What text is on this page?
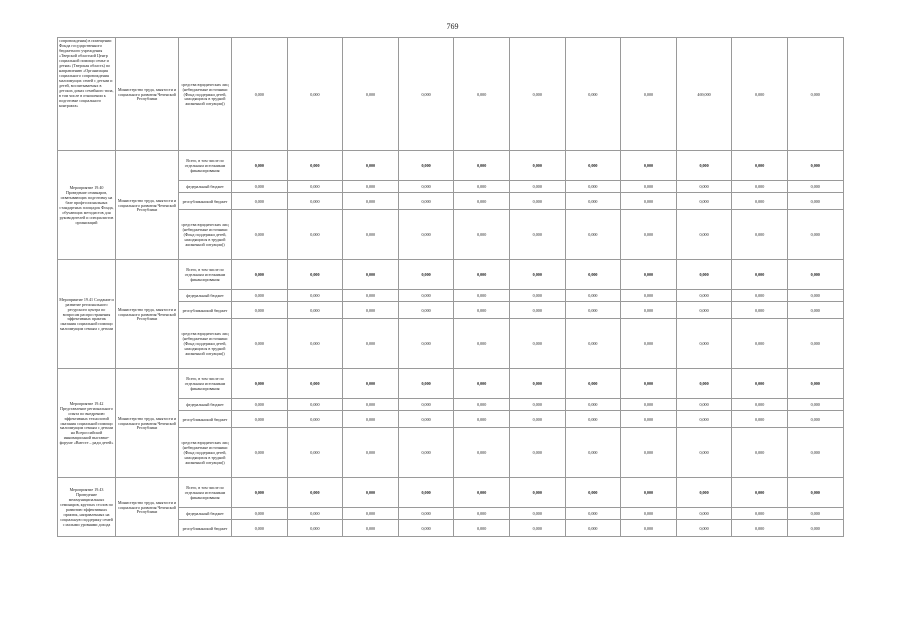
769
сопровождения) в помещении Фонда государственного бюджетного учреждения «Тверской областной Центр социальной помощи семье и детям» (Тверская область) по направлению «Организация социального сопровождения малоимущих семей с детьми и детей, воспитываемых в детских домах семейного типа, в том числе в отношении к подготовке социального контракта»	Министерство труда, занятости и социального развития Чеченской Республики	средства юридических лиц (небюджетные источники (Фонд поддержки детей, находящихся в трудной жизненной ситуации))	0,000	0,000	0,000	0,000	0,000	0,000	0,000	0,000	469,000	0,000	0,000
Мероприятие 19.40 Проведение семинаров, охватывающих подготовку на базе профессиональных стандартных площадок Фонда, обучающих методистов для руководителей и специалистов организаций	Министерство труда, занятости и социального развития Чеченской Республики	Всего, в том числе по отдельным источникам финансирования	0,000	0,000	0,000	0,000	0,000	0,000	0,000	0,000	0,000	0,000	0,000
		федеральный бюджет	0,000	0,000	0,000	0,000	0,000	0,000	0,000	0,000	0,000	0,000	0,000
		республиканский бюджет	0,000	0,000	0,000	0,000	0,000	0,000	0,000	0,000	0,000	0,000	0,000
		средства юридических лиц (небюджетные источники (Фонд поддержки детей, находящихся в трудной жизненной ситуации))	0,000	0,000	0,000	0,000	0,000	0,000	0,000	0,000	0,000	0,000	0,000
Мероприятие 19.41 Создание и развитие регионального ресурсного центра по вопросам распространения эффективных практик оказания социальной помощи малоимущим семьям с детьми	Министерство труда, занятости и социального развития Чеченской Республики	Всего, в том числе по отдельным источникам финансирования	0,000	0,000	0,000	0,000	0,000	0,000	0,000	0,000	0,000	0,000	0,000
		федеральный бюджет	0,000	0,000	0,000	0,000	0,000	0,000	0,000	0,000	0,000	0,000	0,000
		республиканский бюджет	0,000	0,000	0,000	0,000	0,000	0,000	0,000	0,000	0,000	0,000	0,000
		средства юридических лиц (небюджетные источники (Фонд поддержки детей, находящихся в трудной жизненной ситуации))	0,000	0,000	0,000	0,000	0,000	0,000	0,000	0,000	0,000	0,000	0,000
Мероприятие 19.42 Представление регионального опыта по внедрению эффективных технологий оказания социальной помощи малоимущим семьям с детьми на Всероссийской инновационной выставке-форуме «Вместе – ради детей»	Министерство труда, занятости и социального развития Чеченской Республики	Всего, в том числе по отдельным источникам финансирования	0,000	0,000	0,000	0,000	0,000	0,000	0,000	0,000	0,000	0,000	0,000
		федеральный бюджет	0,000	0,000	0,000	0,000	0,000	0,000	0,000	0,000	0,000	0,000	0,000
		республиканский бюджет	0,000	0,000	0,000	0,000	0,000	0,000	0,000	0,000	0,000	0,000	0,000
		средства юридических лиц (небюджетные источники (Фонд поддержки детей, находящихся в трудной жизненной ситуации))	0,000	0,000	0,000	0,000	0,000	0,000	0,000	0,000	0,000	0,000	0,000
Мероприятие 19.43 Проведение межмуниципальных семинаров, круглых столов по развитию эффективных практик, направленных на социальную поддержку семей с малыми уровнями дохода	Министерство труда, занятости и социального развития Чеченской Республики	Всего, в том числе по отдельным источникам финансирования	0,000	0,000	0,000	0,000	0,000	0,000	0,000	0,000	0,000	0,000	0,000
		федеральный бюджет	0,000	0,000	0,000	0,000	0,000	0,000	0,000	0,000	0,000	0,000	0,000
		республиканский бюджет	0,000	0,000	0,000	0,000	0,000	0,000	0,000	0,000	0,000	0,000	0,000
